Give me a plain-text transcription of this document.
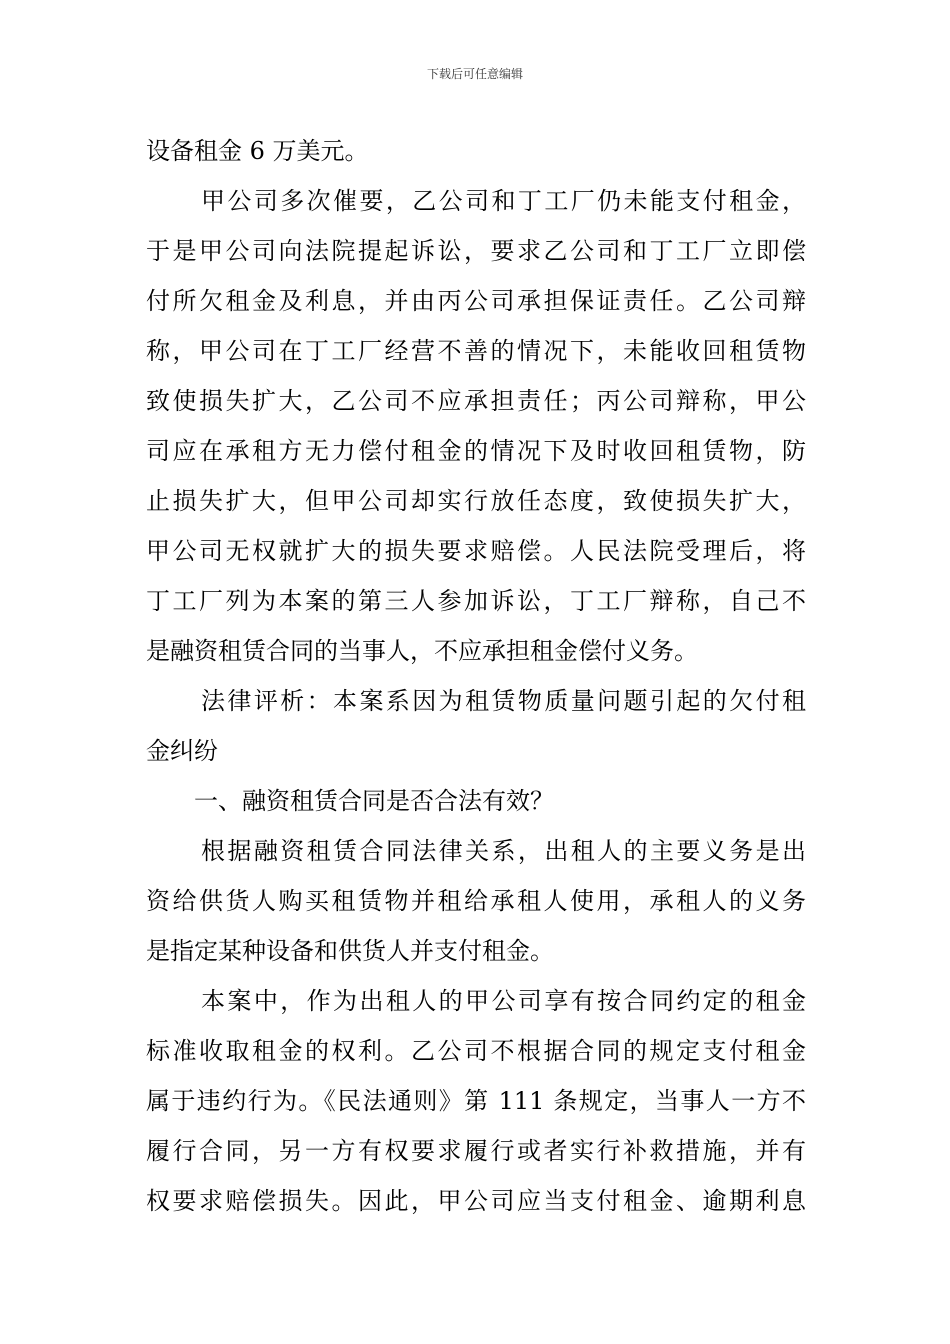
下载后可任意编辑
设备租金 6 万美元。
甲公司多次催要，乙公司和丁工厂仍未能支付租金，
于是甲公司向法院提起诉讼，要求乙公司和丁工厂立即偿
付所欠租金及利息，并由丙公司承担保证责任。乙公司辩
称，甲公司在丁工厂经营不善的情况下，未能收回租赁物
致使损失扩大，乙公司不应承担责任；丙公司辩称，甲公
司应在承租方无力偿付租金的情况下及时收回租赁物，防
止损失扩大，但甲公司却实行放任态度，致使损失扩大，
甲公司无权就扩大的损失要求赔偿。人民法院受理后，将
丁工厂列为本案的第三人参加诉讼，丁工厂辩称，自己不
是融资租赁合同的当事人，不应承担租金偿付义务。
法律评析：本案系因为租赁物质量问题引起的欠付租
金纠纷
一、融资租赁合同是否合法有效？
根据融资租赁合同法律关系，出租人的主要义务是出
资给供货人购买租赁物并租给承租人使用，承租人的义务
是指定某种设备和供货人并支付租金。
本案中，作为出租人的甲公司享有按合同约定的租金
标准收取租金的权利。乙公司不根据合同的规定支付租金
属于违约行为。《民法通则》第 111 条规定，当事人一方不
履行合同，另一方有权要求履行或者实行补救措施，并有
权要求赔偿损失。因此，甲公司应当支付租金、逾期利息
